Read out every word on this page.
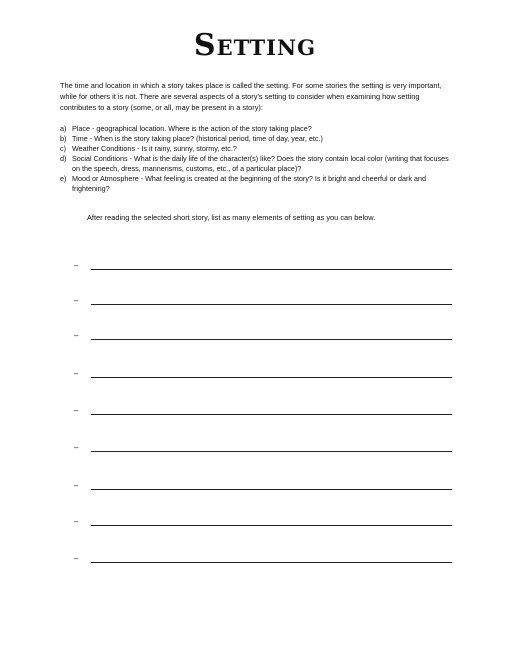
Setting
The time and location in which a story takes place is called the setting. For some stories the setting is very important, while for others it is not. There are several aspects of a story's setting to consider when examining how setting contributes to a story (some, or all, may be present in a story):
a) Place - geographical location. Where is the action of the story taking place?
b) Time - When is the story taking place? (historical period, time of day, year, etc.)
c) Weather Conditions - Is it rainy, sunny, stormy, etc.?
d) Social Conditions - What is the daily life of the character(s) like? Does the story contain local color (writing that focuses on the speech, dress, mannerisms, customs, etc., of a particular place)?
e) Mood or Atmosphere - What feeling is created at the beginning of the story? Is it bright and cheerful or dark and frightening?
After reading the selected short story, list as many elements of setting as you can below.
–
–
–
–
–
–
–
–
–
